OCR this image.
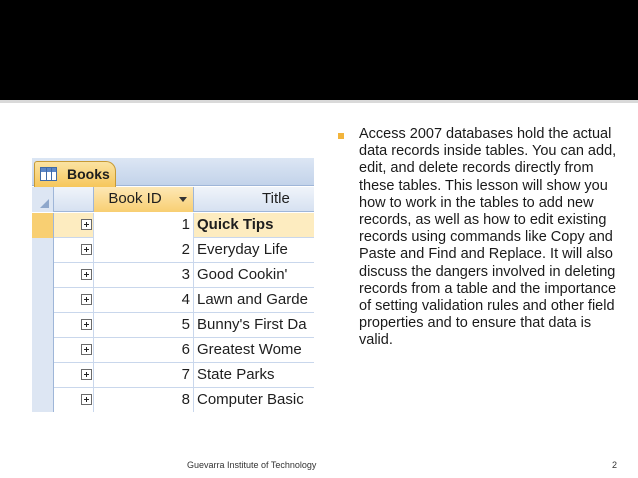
Books
Book ID	Title
1 Quick Tips
2 Everyday Life
3 Good Cookin'
4 Lawn and Garde
5 Bunny's First Da
6 Greatest Wome
7 State Parks
8 Computer Basic

Access 2007 databases hold the actual data records inside tables. You can add, edit, and delete records directly from these tables. This lesson will show you how to work in the tables to add new records, as well as how to edit existing records using commands like Copy and Paste and Find and Replace. It will also discuss the dangers involved in deleting records from a table and the importance of setting validation rules and other field properties and to ensure that data is valid.

Guevarra Institute of Technology	2
